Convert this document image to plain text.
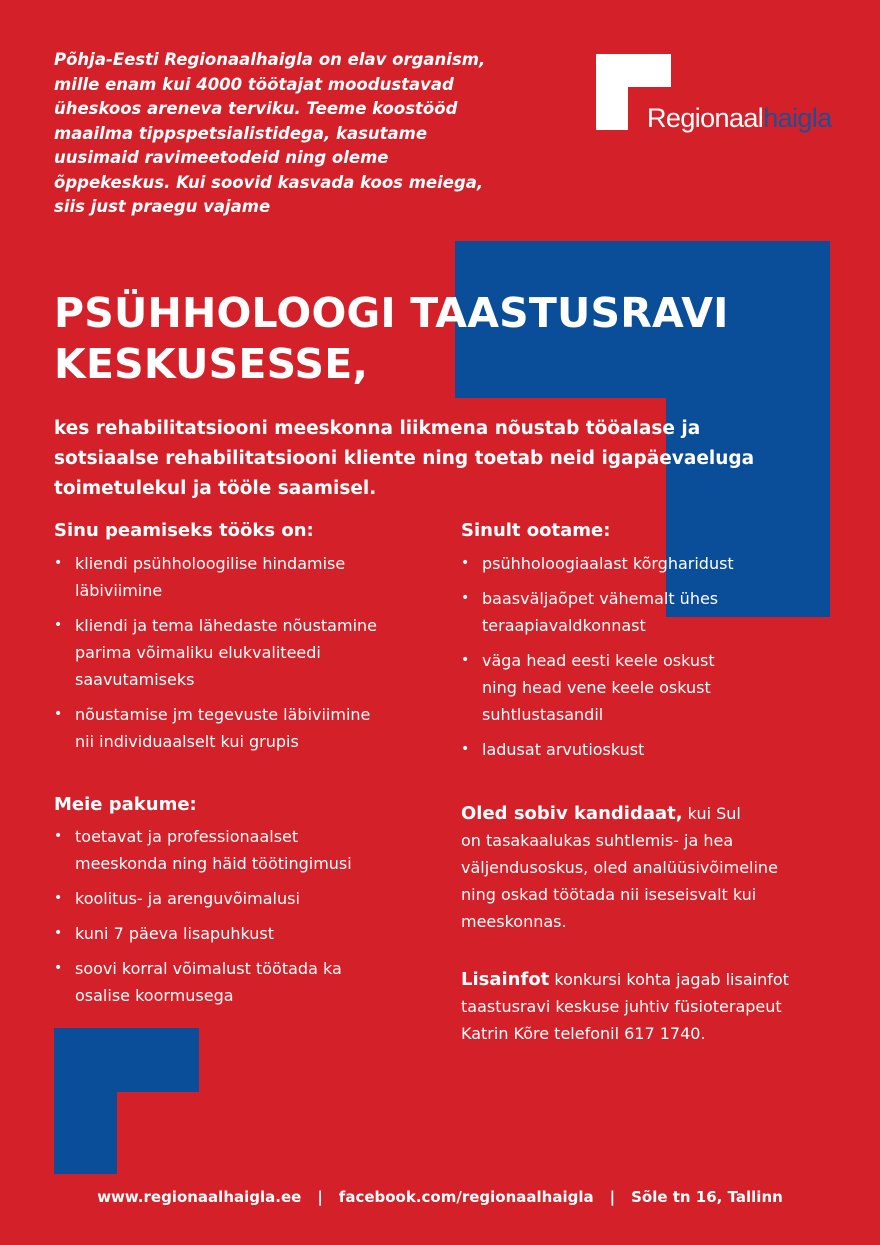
Regionaalhaigla
Põhja-Eesti Regionaalhaigla on elav organism,
mille enam kui 4000 töötajat moodustavad
üheskoos areneva terviku. Teeme koostööd
maailma tippspetsialistidega, kasutame
uusimaid ravimeetodeid ning oleme
õppekeskus. Kui soovid kasvada koos meiega,
siis just praegu vajame
PSÜHHOLOOGI TAASTUSRAVI
KESKUSESSE,
kes rehabilitatsiooni meeskonna liikmena nõustab tööalase ja
sotsiaalse rehabilitatsiooni kliente ning toetab neid igapäevaeluga
toimetulekul ja tööle saamisel.
Sinu peamiseks tööks on:
• kliendi psühholoogilise hindamise
läbiviimine
• kliendi ja tema lähedaste nõustamine
parima võimaliku elukvaliteedi
saavutamiseks
• nõustamise jm tegevuste läbiviimine
nii individuaalselt kui grupis
Sinult ootame:
• psühholoogiaalast kõrgharidust
• baasväljaõpet vähemalt ühes
teraapiavaldkonnast
• väga head eesti keele oskust
ning head vene keele oskust
suhtlustasandil
• ladusat arvutioskust
Meie pakume:
• toetavat ja professionaalset
meeskonda ning häid töötingimusi
• koolitus- ja arenguvõimalusi
• kuni 7 päeva lisapuhkust
• soovi korral võimalust töötada ka
osalise koormusega
Oled sobiv kandidaat, kui Sul
on tasakaalukas suhtlemis- ja hea
väljendusoskus, oled analüüsivõimeline
ning oskad töötada nii iseseisvalt kui
meeskonnas.
Lisainfot konkursi kohta jagab lisainfot
taastusravi keskuse juhtiv füsioterapeut
Katrin Kõre telefonil 617 1740.
www.regionaalhaigla.ee | facebook.com/regionaalhaigla | Sõle tn 16, Tallinn
